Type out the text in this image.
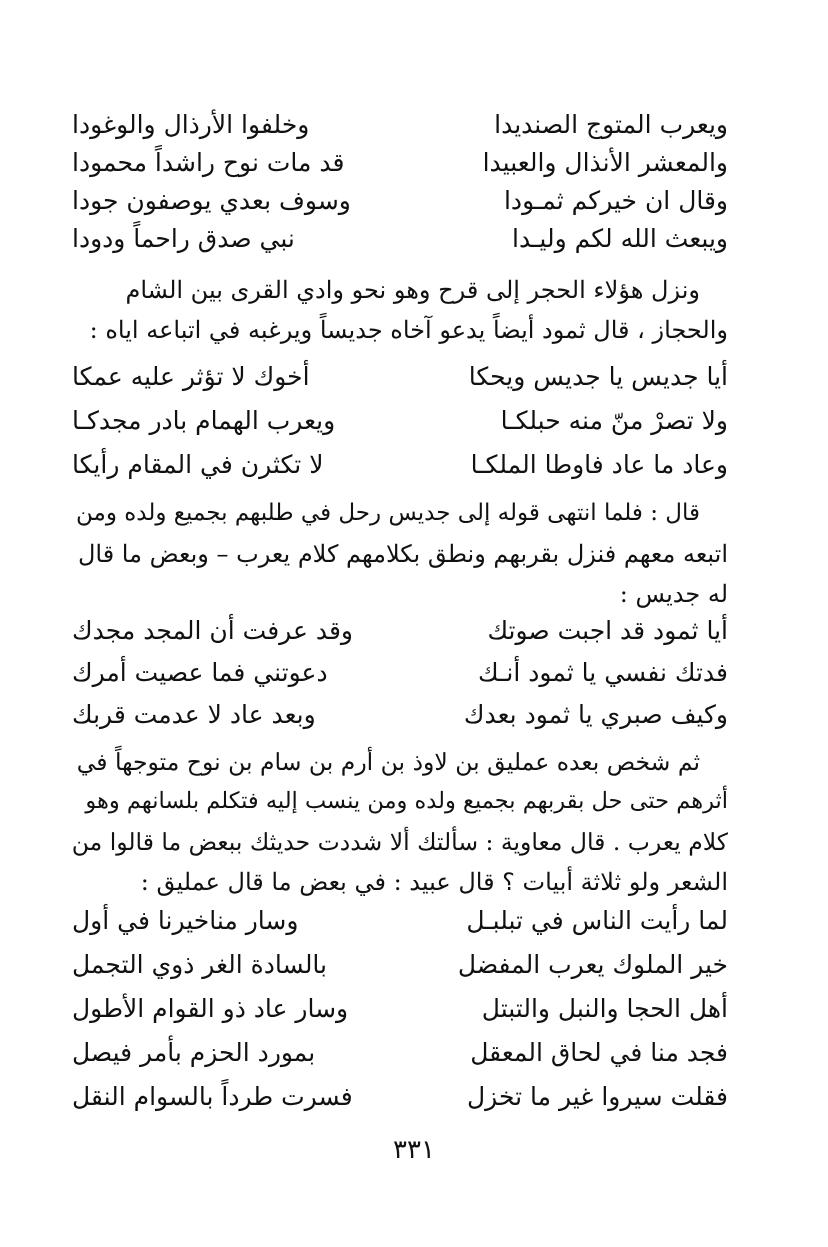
ويعرب المتوج الصنديدا
وخلفوا الأرذال والوغودا
والمعشر الأنذال والعبيدا
قد مات نوح راشداً محمودا
وقال ان خيركم ثمـودا
وسوف بعدي يوصفون جودا
ويبعث الله لكم وليـدا
نبي صدق راحماً ودودا
ونزل هؤلاء الحجر إلى قرح وهو نحو وادي القرى بين الشام
والحجاز ، قال ثمود أيضاً يدعو آخاه جديساً ويرغبه في اتباعه اياه :
أيا جديس يا جديس ويحكا
أخوك لا تؤثر عليه عمكا
ولا تصرْ منّ منه حبلكـا
ويعرب الهمام بادر مجدكـا
وعاد ما عاد فاوطا الملكـا
لا تكثرن في المقام رأيكا
قال : فلما انتهى قوله إلى جديس رحل في طلبهم بجميع ولده ومن
اتبعه معهم فنزل بقربهم ونطق بكلامهم كلام يعرب – وبعض ما قال
له جديس :
أيا ثمود قد اجبت صوتك
وقد عرفت أن المجد مجدك
فدتك نفسي يا ثمود أنـك
دعوتني فما عصيت أمرك
وكيف صبري يا ثمود بعدك
وبعد عاد لا عدمت قربك
ثم شخص بعده عمليق بن لاوذ بن أرم بن سام بن نوح متوجهاً في
أثرهم حتى حل بقربهم بجميع ولده ومن ينسب إليه فتكلم بلسانهم وهو
كلام يعرب . قال معاوية : سألتك ألا شددت حديثك ببعض ما قالوا من
الشعر ولو ثلاثة أبيات ؟ قال عبيد : في بعض ما قال عمليق :
لما رأيت الناس في تبلبـل
وسار مناخيرنا في أول
خير الملوك يعرب المفضل
بالسادة الغر ذوي التجمل
أهل الحجا والنبل والتبتل
وسار عاد ذو القوام الأطول
فجد منا في لحاق المعقل
بمورد الحزم بأمر فيصل
فقلت سيروا غير ما تخزل
فسرت طرداً بالسوام النقل
٣٣١
